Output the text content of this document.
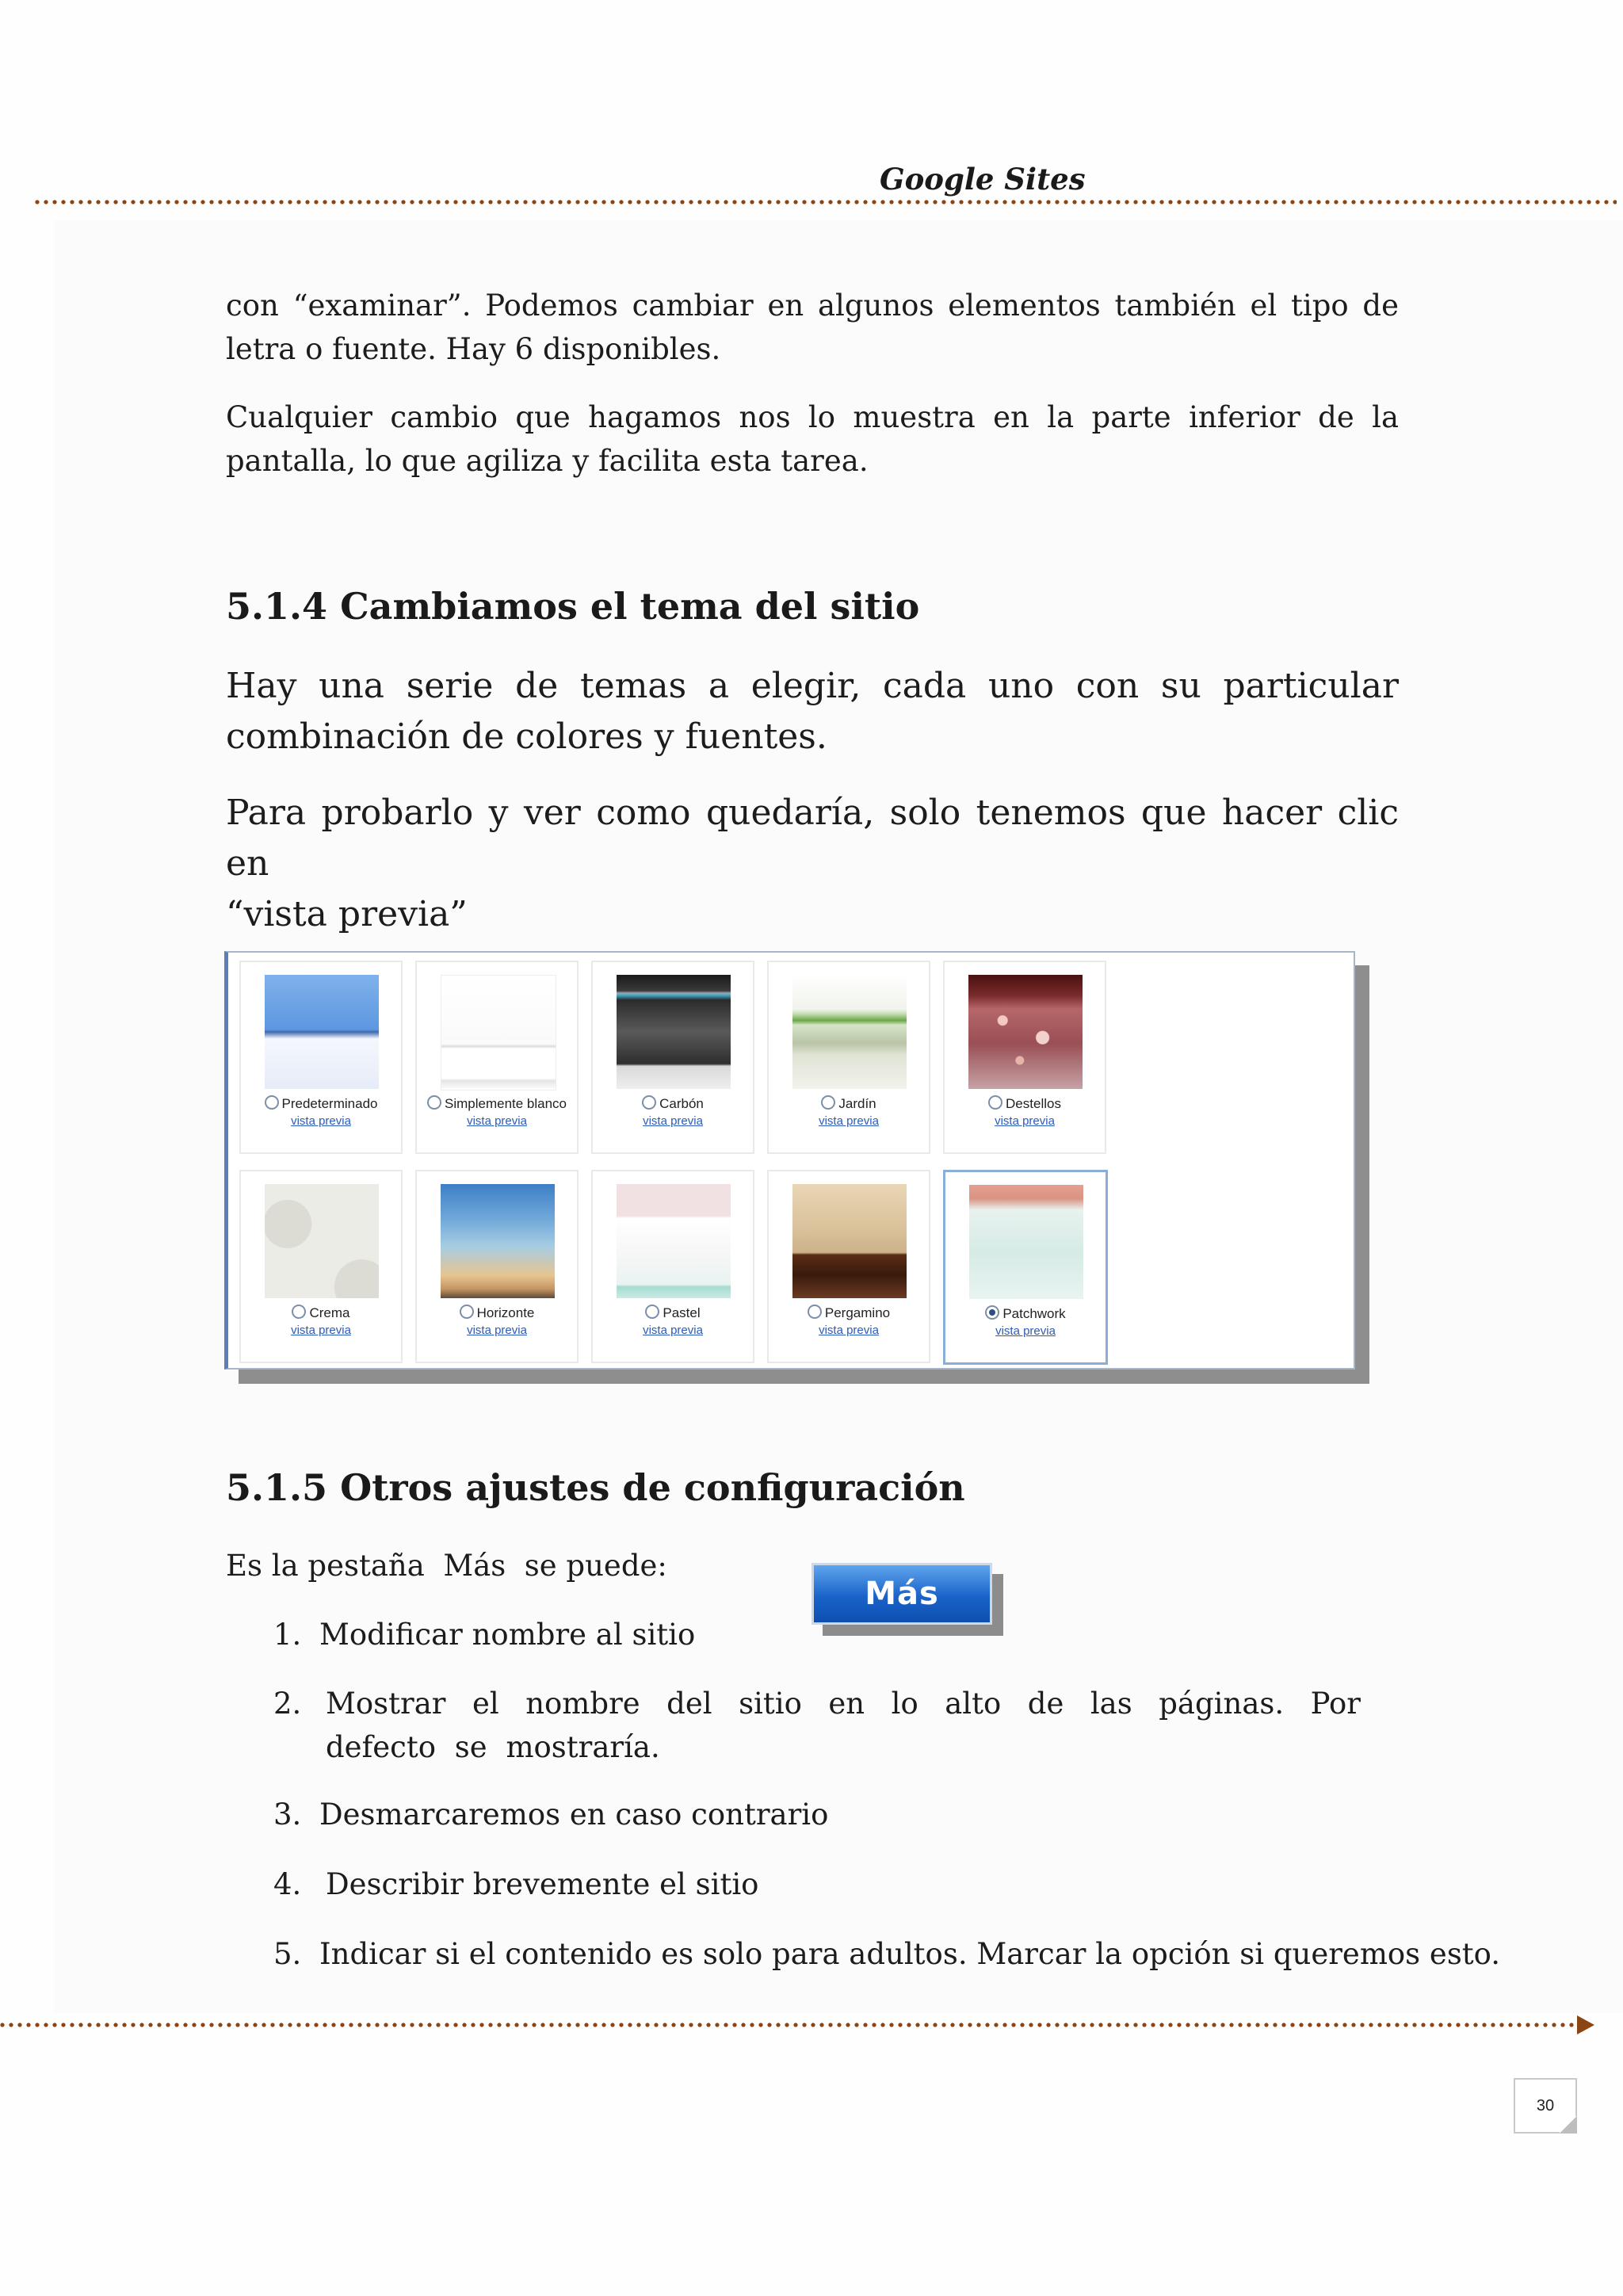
Google Sites
con “examinar”. Podemos cambiar en algunos elementos también el tipo de letra o fuente. Hay 6 disponibles.
Cualquier cambio que hagamos nos lo muestra en la parte inferior de la pantalla, lo que agiliza y facilita esta tarea.
5.1.4 Cambiamos el tema del sitio
Hay una serie de temas a elegir, cada uno con su particular
combinación de colores y fuentes.
Para probarlo y ver como quedaría, solo tenemos que hacer clic en
“vista previa”
Predeterminado
vista previa
Simplemente blanco
vista previa
Carbón
vista previa
Jardín
vista previa
Destellos
vista previa
Crema
vista previa
Horizonte
vista previa
Pastel
vista previa
Pergamino
vista previa
Patchwork
vista previa
5.1.5 Otros ajustes de configuración
Es la pestaña  Más  se puede:
Más
1. Modificar nombre al sitio
2. Mostrar el nombre del sitio en lo alto de las páginas. Por defecto se mostraría.
3. Desmarcaremos en caso contrario
4. Describir brevemente el sitio
5. Indicar si el contenido es solo para adultos. Marcar la opción si queremos esto.
30
